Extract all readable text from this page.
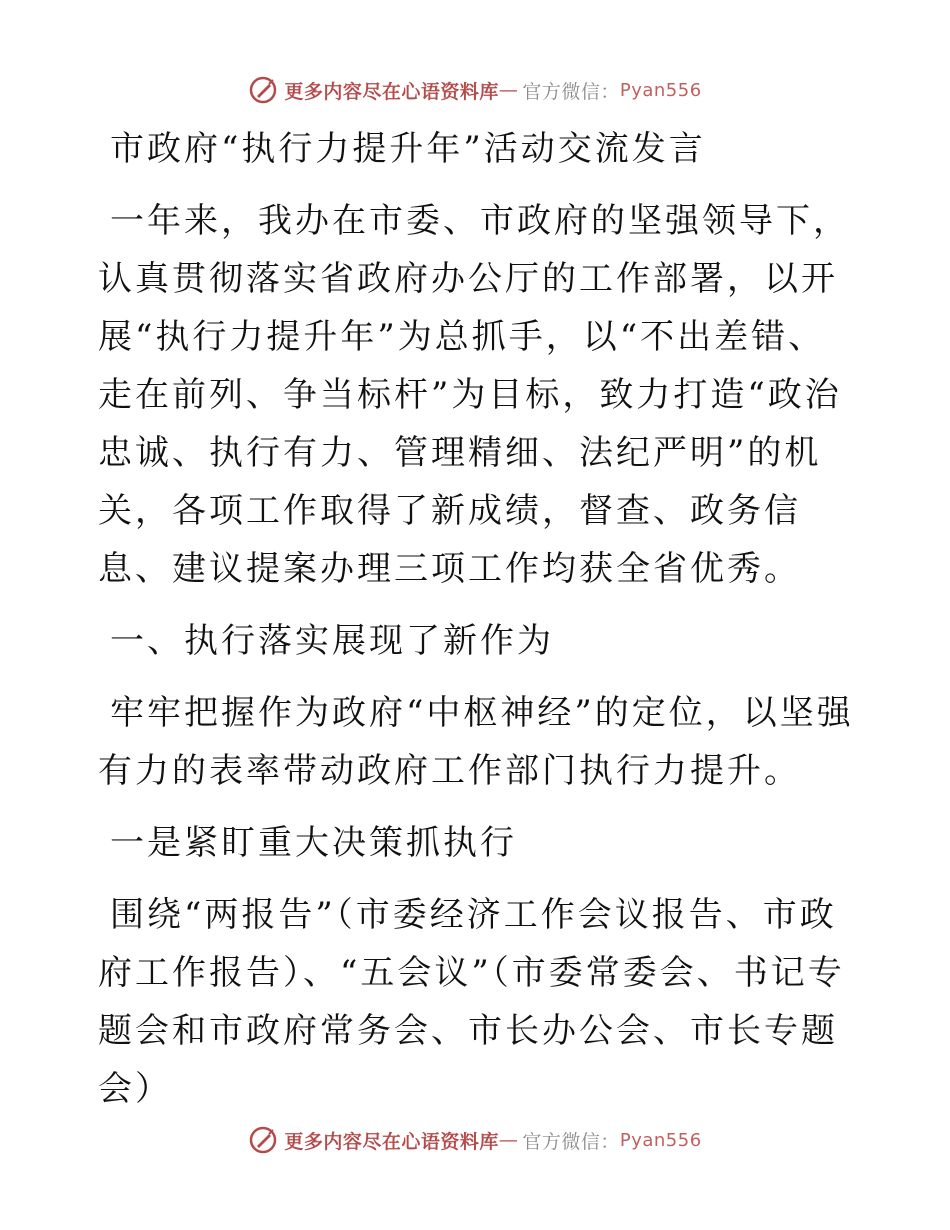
更多内容尽在心语资料库 — 官方微信： Pyan556

市政府“执行力提升年”活动交流发言

一年来，我办在市委、市政府的坚强领导下，认真贯彻落实省政府办公厅的工作部署，以开展“执行力提升年”为总抓手，以“不出差错、走在前列、争当标杆”为目标，致力打造“政治忠诚、执行有力、管理精细、法纪严明”的机关，各项工作取得了新成绩，督查、政务信息、建议提案办理三项工作均获全省优秀。

一、执行落实展现了新作为

牢牢把握作为政府“中枢神经”的定位，以坚强有力的表率带动政府工作部门执行力提升。

一是紧盯重大决策抓执行

围绕“两报告”（市委经济工作会议报告、市政府工作报告）、“五会议”（市委常委会、书记专题会和市政府常务会、市长办公会、市长专题会）

更多内容尽在心语资料库 — 官方微信： Pyan556
